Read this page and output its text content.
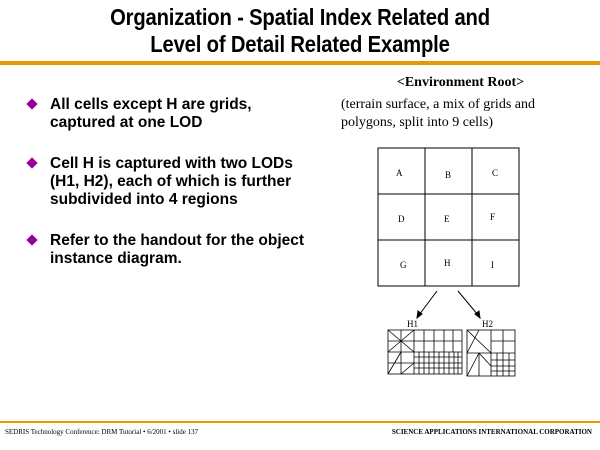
Organization - Spatial Index Related and
Level of Detail Related Example
All cells except H are grids, captured at one LOD
Cell H is captured with two LODs (H1, H2), each of which is further subdivided into 4 regions
Refer to the handout for the object instance diagram.
<Environment Root>
(terrain surface, a mix of grids and polygons, split into 9 cells)
A	B	C
D	E	F
G	H	I
H1	H2
SEDRIS Technology Conference: DRM Tutorial • 6/2001 • slide 137	SCIENCE APPLICATIONS INTERNATIONAL CORPORATION
